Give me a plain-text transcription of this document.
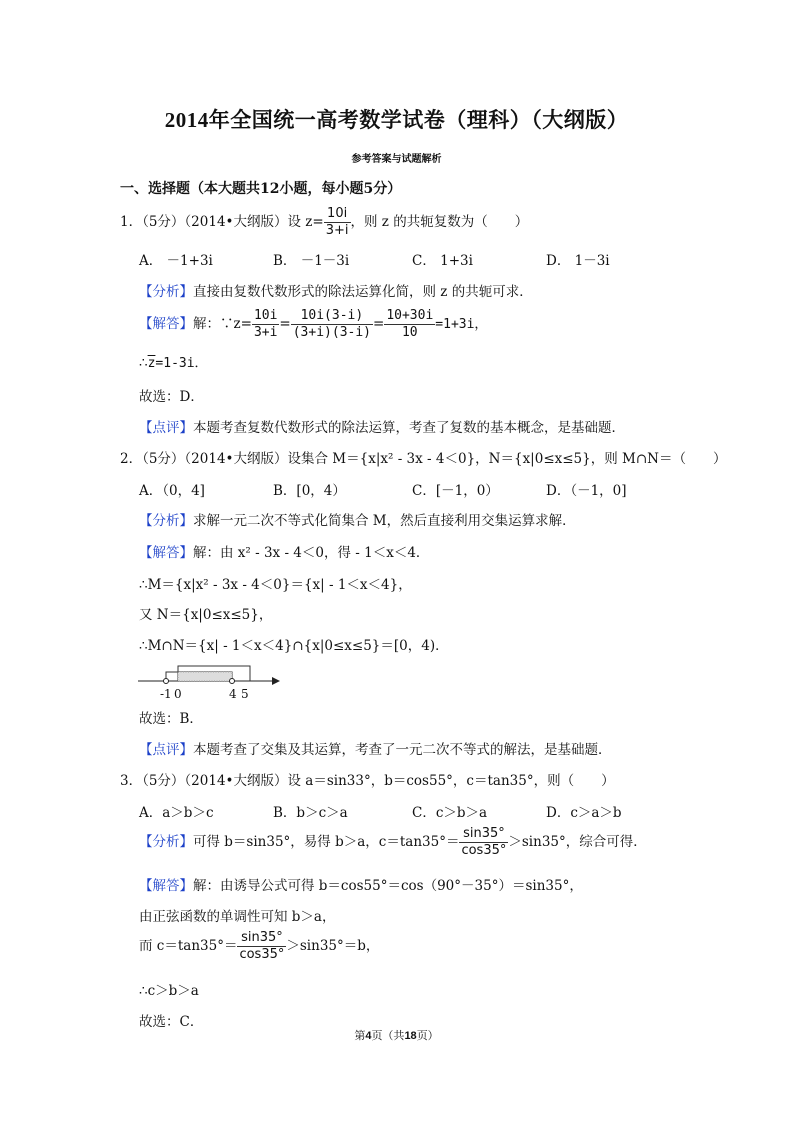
2014年全国统一高考数学试卷（理科）（大纲版）
参考答案与试题解析
一、选择题（本大题共12小题，每小题5分）
1．（5分）（2014•大纲版）设 $z= \frac{10i}{3+i}$ ，则 z 的共轭复数为（　　）
A． －1+3i	B． －1－3i	C． 1+3i	D． 1－3i
【分析】直接由复数代数形式的除法运算化简，则 z 的共轭可求．
【解答】解：∵z= $\frac{10i}{3+i} = \frac{10i(3-i)}{(3+i)(3-i)} = \frac{10+30i}{10} =1+3i$，
$\therefore\overline{z}=1-3i$．
故选：D．
【点评】本题考查复数代数形式的除法运算，考查了复数的基本概念，是基础题．
2．（5分）（2014•大纲版）设集合 M＝{x|x² - 3x - 4＜0}，N＝{x|0≤x≤5}，则 M∩N＝（　　）
A．（0，4]	B．[0，4）	C．[－1，0）	D．（－1，0]
【分析】求解一元二次不等式化简集合 M，然后直接利用交集运算求解．
【解答】解：由 x² - 3x - 4＜0，得 - 1＜x＜4．
∴M＝{x|x² - 3x - 4＜0}＝{x| - 1＜x＜4}，
又 N＝{x|0≤x≤5}，
∴M∩N＝{x| - 1＜x＜4}∩{x|0≤x≤5}＝[0，4)．
-1 0	4 5
故选：B．
【点评】本题考查了交集及其运算，考查了一元二次不等式的解法，是基础题．
3．（5分）（2014•大纲版）设 a＝sin33°，b＝cos55°，c＝tan35°，则（　　）
A．a＞b＞c	B．b＞c＞a	C．c＞b＞a	D．c＞a＞b
【分析】可得 b＝sin35°，易得 b＞a，$c=\tan 35^\circ= \frac{\sin 35^\circ}{\cos 35^\circ} >\sin 35^\circ$，综合可得．
【解答】解：由诱导公式可得 b＝cos55°＝cos（90°－35°）＝sin35°，
由正弦函数的单调性可知 b＞a，
而 $c=\tan 35^\circ= \frac{\sin 35^\circ}{\cos 35^\circ} >\sin 35^\circ=b$，
∴c＞b＞a
故选：C．
第4页（共18页）
